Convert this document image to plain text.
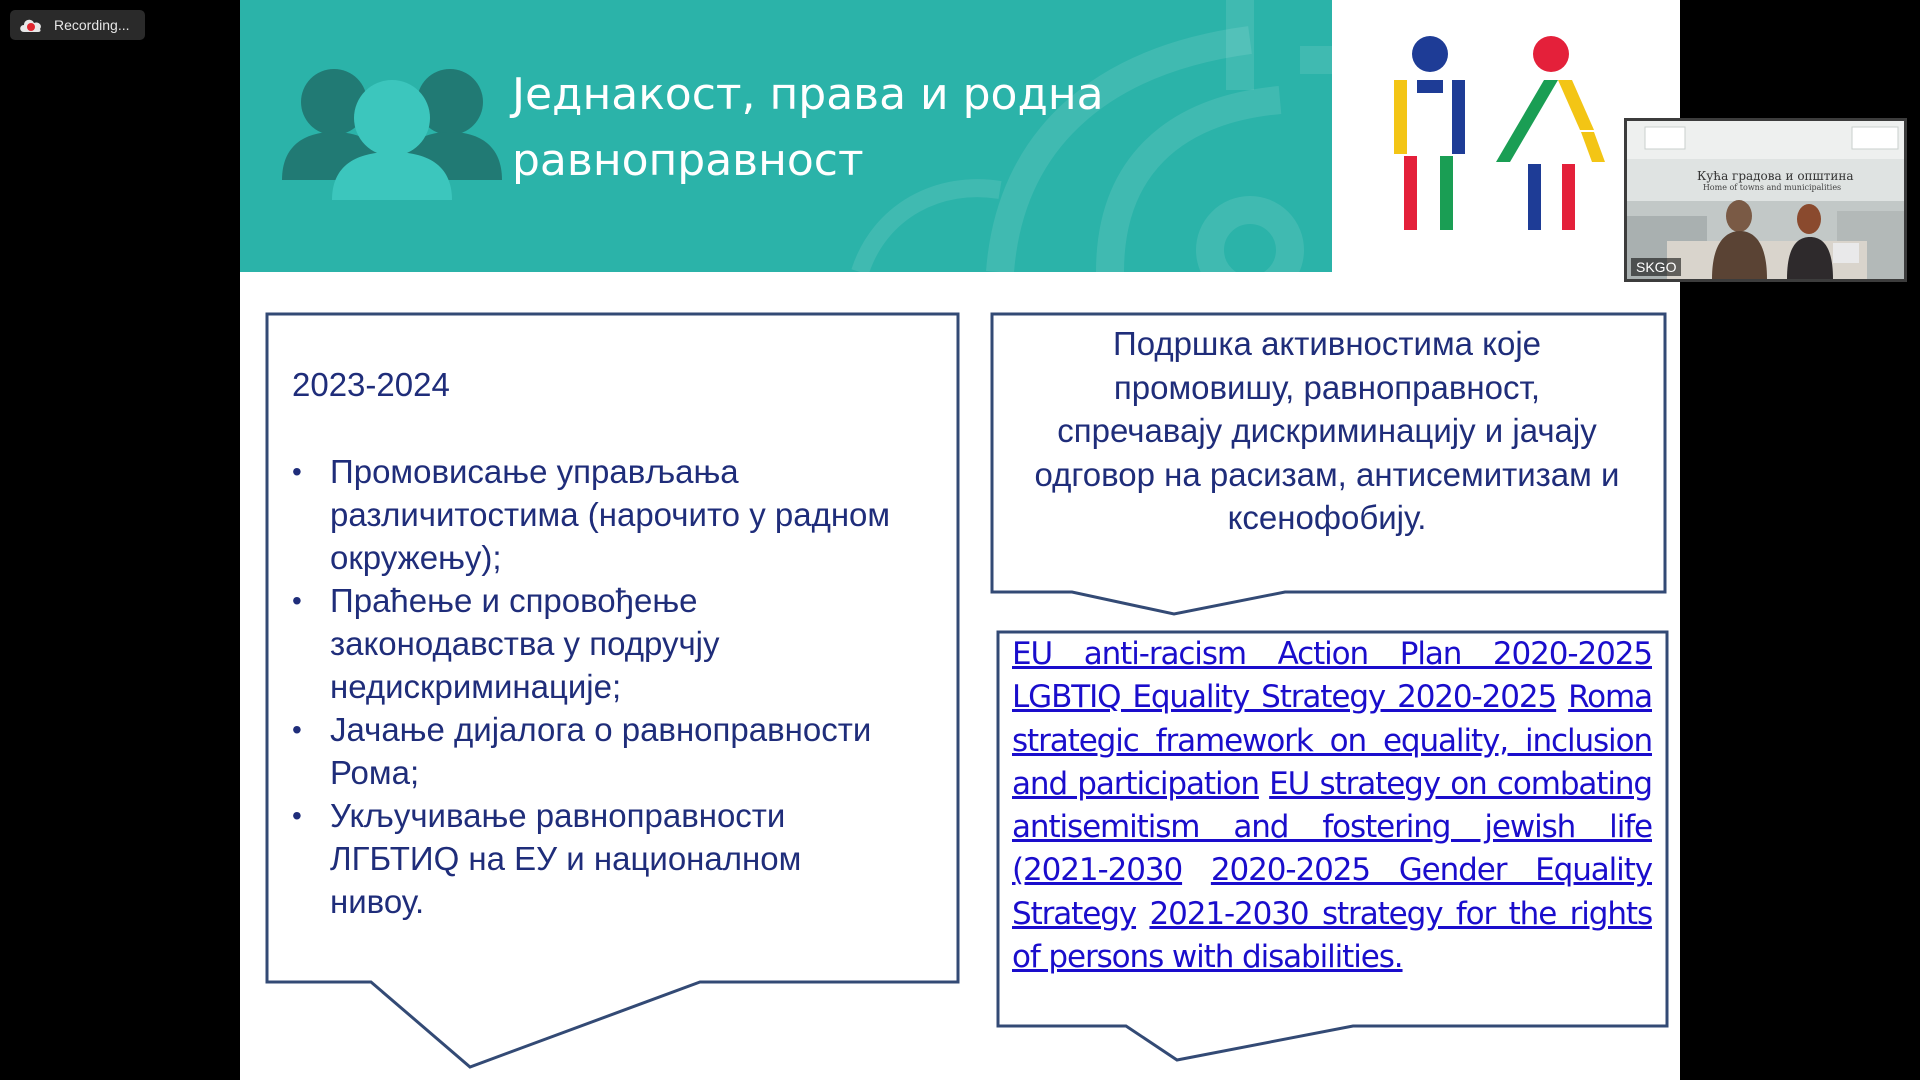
Recording...
Једнакост, права и родна
равноправност
2023-2024
• Промовисање управљања
различитостима (нарочито у радном
окружењу);
• Праћење и спровођење
законодавства у подручју
недискриминације;
• Јачање дијалога о равноправности
Рома;
• Укључивање равноправности
ЛГБТИQ на ЕУ и националном
нивоу.
Подршка активностима које
промовишу, равноправност,
спречавају дискриминацију и јачају
одговор на расизам, антисемитизам и
ксенофобију.
EU anti-racism Action Plan 2020-2025 LGBTIQ Equality Strategy 2020-2025 Roma strategic framework on equality, inclusion and participation EU strategy on combating antisemitism and fostering jewish life (2021-2030 2020-2025 Gender Equality Strategy 2021-2030 strategy for the rights of persons with disabilities.
Кућа градова и општина
Home of towns and municipalities
SKGO
